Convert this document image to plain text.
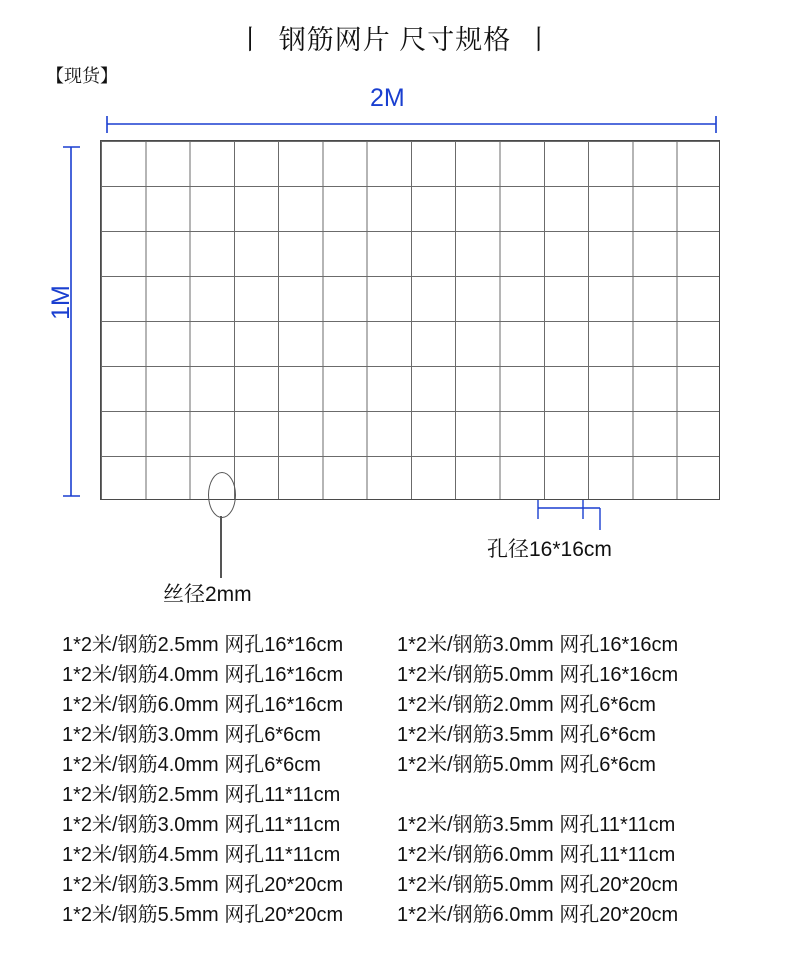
丨 钢筋网片 尺寸规格 丨
【现货】
2M
1M
丝径2mm
孔径16*16cm
1*2米/钢筋2.5mm 网孔16*16cm	1*2米/钢筋3.0mm 网孔16*16cm
1*2米/钢筋4.0mm 网孔16*16cm	1*2米/钢筋5.0mm 网孔16*16cm
1*2米/钢筋6.0mm 网孔16*16cm	1*2米/钢筋2.0mm 网孔6*6cm
1*2米/钢筋3.0mm 网孔6*6cm	1*2米/钢筋3.5mm 网孔6*6cm
1*2米/钢筋4.0mm 网孔6*6cm	1*2米/钢筋5.0mm 网孔6*6cm
1*2米/钢筋2.5mm 网孔11*11cm
1*2米/钢筋3.0mm 网孔11*11cm	1*2米/钢筋3.5mm 网孔11*11cm
1*2米/钢筋4.5mm 网孔11*11cm	1*2米/钢筋6.0mm 网孔11*11cm
1*2米/钢筋3.5mm 网孔20*20cm	1*2米/钢筋5.0mm 网孔20*20cm
1*2米/钢筋5.5mm 网孔20*20cm	1*2米/钢筋6.0mm 网孔20*20cm
